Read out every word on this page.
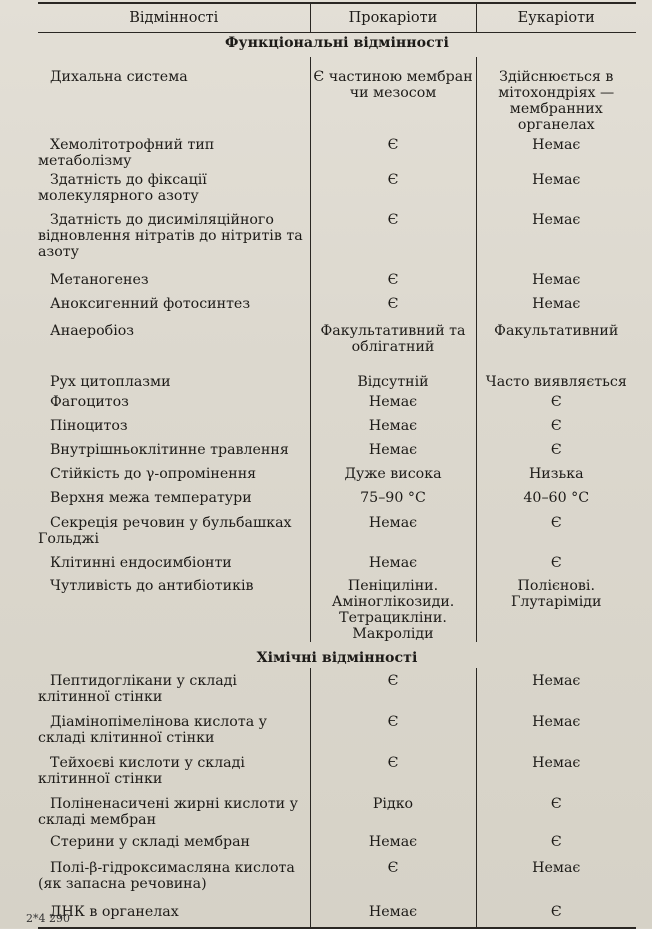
Відмінності	Прокаріоти	Еукаріоти
Функціональні відмінності		
Дихальна система	Є частиною мембран чи мезосом	Здійснюється в мітохондріях — мембранних органелах
Хемолітотрофний тип метаболізму	Є	Немає
Здатність до фіксації молекулярного азоту	Є	Немає
Здатність до дисиміляційного відновлення нітратів до нітритів та азоту	Є	Немає
Метаногенез	Є	Немає
Аноксигенний фотосинтез	Є	Немає
Анаеробіоз	Факультативний та облігатний	Факультативний
Рух цитоплазми	Відсутній	Часто виявляється
Фагоцитоз	Немає	Є
Піноцитоз	Немає	Є
Внутрішньоклітинне травлення	Немає	Є
Стійкість до γ-опромінення	Дуже висока	Низька
Верхня межа температури	75–90 °С	40–60 °С
Секреція речовин у бульбашках Гольджі	Немає	Є
Клітинні ендосимбіонти	Немає	Є
Чутливість до антибіотиків	Пеніциліни. Аміноглікозиди. Тетрацикліни. Макроліди	Полієнові. Глутаріміди
Хімічні відмінності		
Пептидоглікани у складі клітинної стінки	Є	Немає
Діамінопімелінова кислота у складі клітинної стінки	Є	Немає
Тейхоєві кислоти у складі клітинної стінки	Є	Немає
Поліненасичені жирні кислоти у складі мембран	Рідко	Є
Стерини у складі мембран	Немає	Є
Полі-β-гідроксимасляна кислота (як запасна речовина)	Є	Немає
ДНК в органелах	Немає	Є
2*4 290
